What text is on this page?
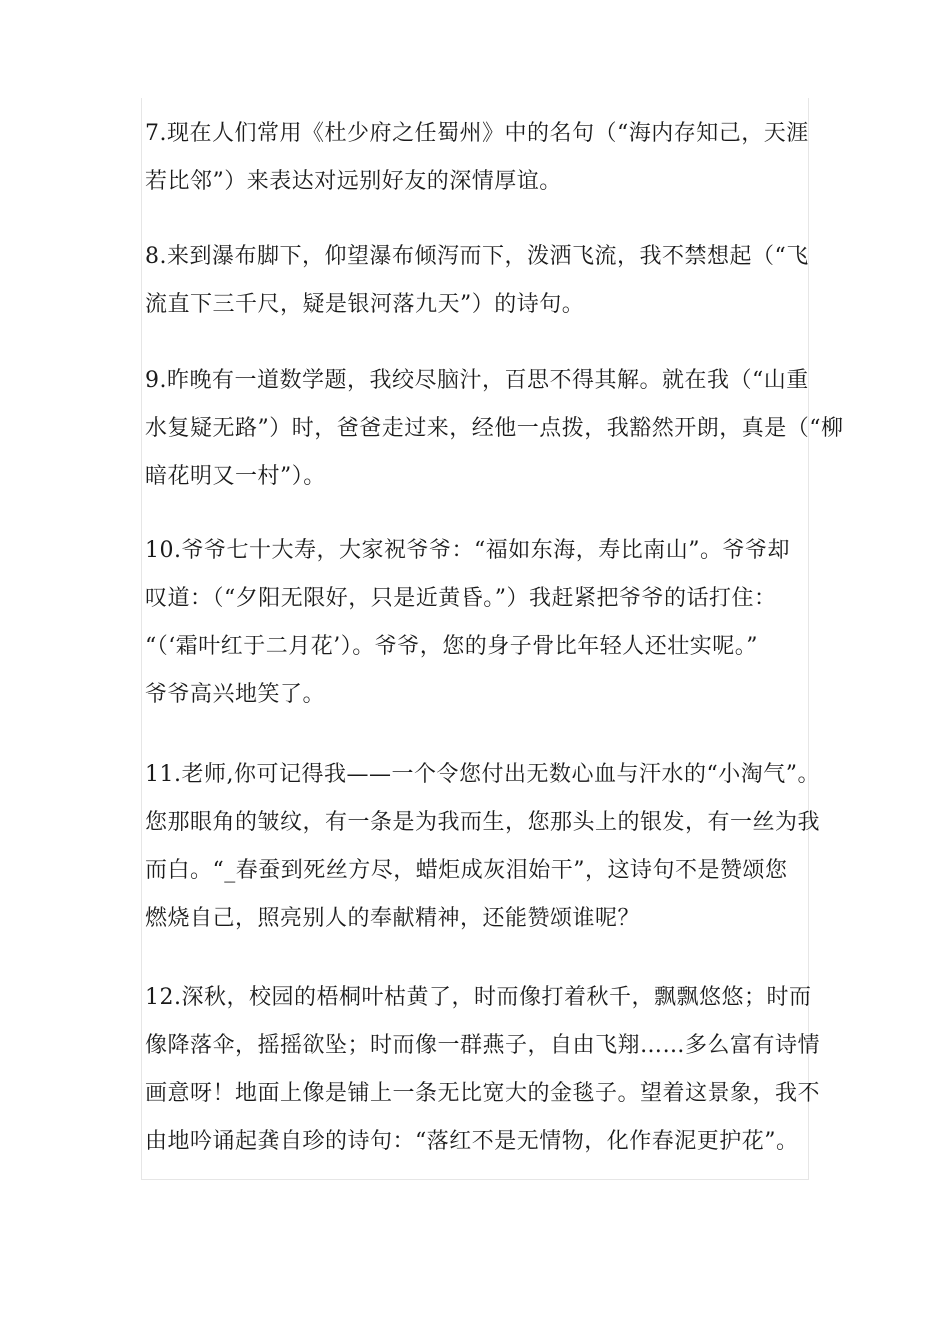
7.现在人们常用《杜少府之任蜀州》中的名句（“海内存知己，天涯
若比邻”）来表达对远别好友的深情厚谊。
8.来到瀑布脚下，仰望瀑布倾泻而下，泼洒飞流，我不禁想起（“飞
流直下三千尺，疑是银河落九天”）的诗句。
9.昨晚有一道数学题，我绞尽脑汁，百思不得其解。就在我（“山重
水复疑无路”）时，爸爸走过来，经他一点拨，我豁然开朗，真是（“柳
暗花明又一村”）。
10.爷爷七十大寿，大家祝爷爷：“福如东海，寿比南山”。爷爷却
叹道：（“夕阳无限好，只是近黄昏。”）我赶紧把爷爷的话打住：
“（‘霜叶红于二月花’）。爷爷，您的身子骨比年轻人还壮实呢。”
爷爷高兴地笑了。
11.老师,你可记得我——一个令您付出无数心血与汗水的“小淘气”。
您那眼角的皱纹，有一条是为我而生，您那头上的银发，有一丝为我
而白。“_春蚕到死丝方尽，蜡炬成灰泪始干”，这诗句不是赞颂您
燃烧自己，照亮别人的奉献精神，还能赞颂谁呢？
12.深秋，校园的梧桐叶枯黄了，时而像打着秋千，飘飘悠悠；时而
像降落伞，摇摇欲坠；时而像一群燕子，自由飞翔……多么富有诗情
画意呀！地面上像是铺上一条无比宽大的金毯子。望着这景象，我不
由地吟诵起龚自珍的诗句：“落红不是无情物，化作春泥更护花”。
